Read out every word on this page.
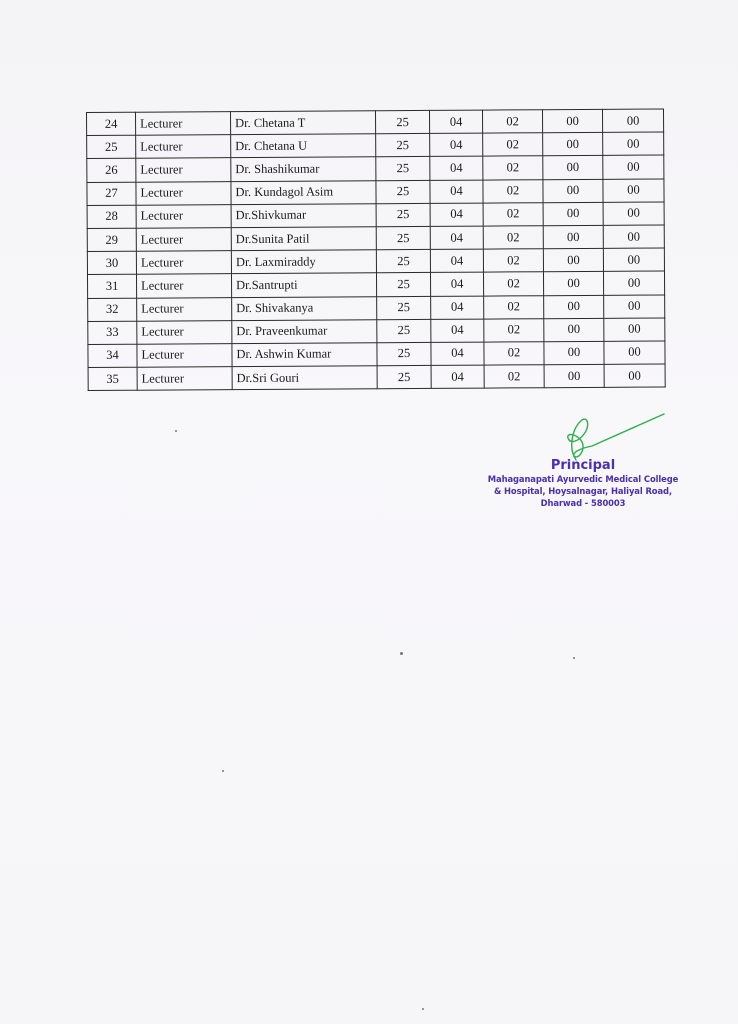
24	Lecturer	Dr. Chetana T	25	04	02	00	00
25	Lecturer	Dr. Chetana U	25	04	02	00	00
26	Lecturer	Dr. Shashikumar	25	04	02	00	00
27	Lecturer	Dr. Kundagol Asim	25	04	02	00	00
28	Lecturer	Dr.Shivkumar	25	04	02	00	00
29	Lecturer	Dr.Sunita Patil	25	04	02	00	00
30	Lecturer	Dr. Laxmiraddy	25	04	02	00	00
31	Lecturer	Dr.Santrupti	25	04	02	00	00
32	Lecturer	Dr. Shivakanya	25	04	02	00	00
33	Lecturer	Dr. Praveenkumar	25	04	02	00	00
34	Lecturer	Dr. Ashwin Kumar	25	04	02	00	00
35	Lecturer	Dr.Sri Gouri	25	04	02	00	00
Principal
Mahaganapati Ayurvedic Medical College
& Hospital, Hoysalnagar, Haliyal Road,
Dharwad - 580003
